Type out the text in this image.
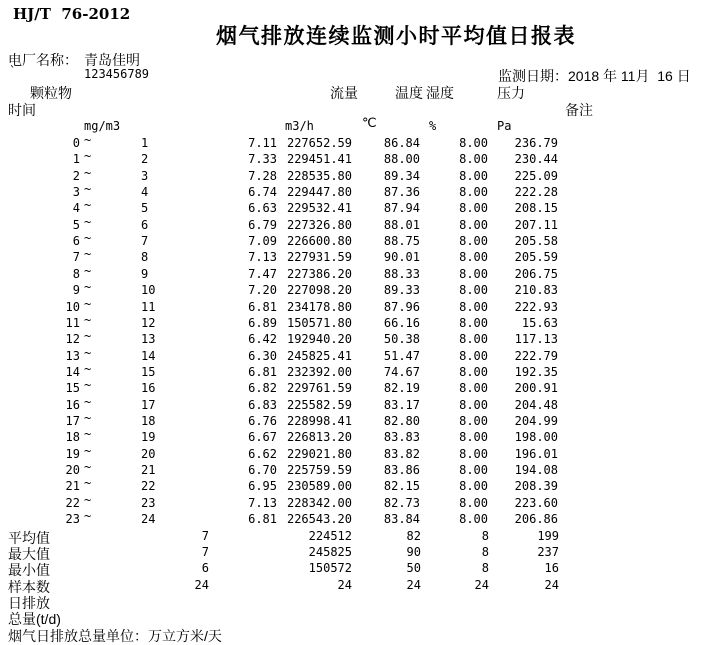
HJ/T  76-2012
烟气排放连续监测小时平均值日报表
电厂名称： 青岛佳明
`	123456789	监测日期： 2018 年 11月  16 日
颗粒物	流量	温度 湿度	压力
时间	备注
mg/m3	m3/h	℃	%	Pa
0 ~	1	7.11 227652.59	86.84	8.00	236.79
1 ~	2	7.33 229451.41	88.00	8.00	230.44
2 ~	3	7.28 228535.80	89.34	8.00	225.09
3 ~	4	6.74 229447.80	87.36	8.00	222.28
4 ~	5	6.63 229532.41	87.94	8.00	208.15
5 ~	6	6.79 227326.80	88.01	8.00	207.11
6 ~	7	7.09 226600.80	88.75	8.00	205.58
7 ~	8	7.13 227931.59	90.01	8.00	205.59
8 ~	9	7.47 227386.20	88.33	8.00	206.75
9 ~	10	7.20 227098.20	89.33	8.00	210.83
10 ~	11	6.81 234178.80	87.96	8.00	222.93
11 ~	12	6.89 150571.80	66.16	8.00	15.63
12 ~	13	6.42 192940.20	50.38	8.00	117.13
13 ~	14	6.30 245825.41	51.47	8.00	222.79
14 ~	15	6.81 232392.00	74.67	8.00	192.35
15 ~	16	6.82 229761.59	82.19	8.00	200.91
16 ~	17	6.83 225582.59	83.17	8.00	204.48
17 ~	18	6.76 228998.41	82.80	8.00	204.99
18 ~	19	6.67 226813.20	83.83	8.00	198.00
19 ~	20	6.62 229021.80	83.82	8.00	196.01
20 ~	21	6.70 225759.59	83.86	8.00	194.08
21 ~	22	6.95 230589.00	82.15	8.00	208.39
22 ~	23	7.13 228342.00	82.73	8.00	223.60
23 ~	24	6.81 226543.20	83.84	8.00	206.86
平均值	7	224512	82	8	199
最大值	7	245825	90	8	237
最小值	6	150572	50	8	16
样本数	24	24	24	24	24
日排放
总量(t/d)
烟气日排放总量单位：万立方米/天
